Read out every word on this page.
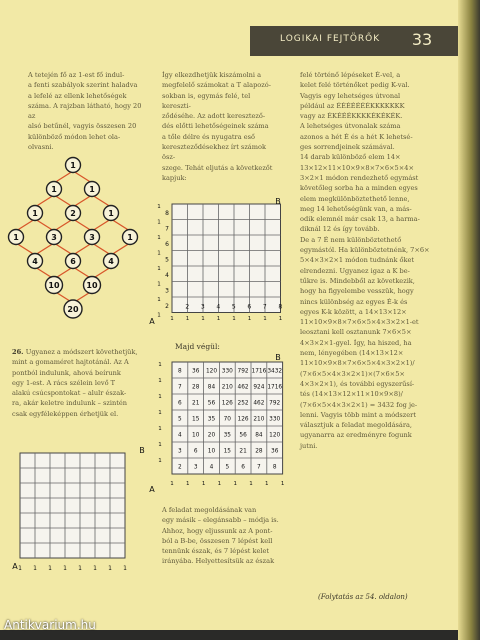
LOGIKAI FEJTÖRŐK	33

A tetején fő az 1-est fő indul-

a fenti szabályok szerint haladva

a lefelé az ellenk lehetőségek

száma. A rajzban látható, hogy 20 az

alsó betűnél, vagyis összesen 20

különböző módon lehet ola-

olvasni.

1
1	1
1	2	1
1	3	3	1
4	6	4
10	10
20

26. Ugyanez a módszert követhetjük,

mint a gomaméret hajtotánál. Az A

pontból indulunk, ahová beírunk

egy 1-est. A rács szélein levő T

alakú csúcspontokat – alulr észak-

ra, akár keletre indulunk – szintén

csak egyféleképpen érhetjük el.

B
A 1 1 1 1 1 1 1 1

Így elkezdhetjük kiszámolni a

megfelelő számokat a T alapozó-

sokban is, egymás felé, tel kereszti-

ződéséhe. Az adott keresztező-

dés előtti lehetőségeinek száma

a tőle délre és nyugatra eső

kereszteződésekhez írt számok ösz-

szege. Tehát eljutás a következőt

kapjuk:

B
A
8
7
6
5
4
3
2
1
1
1
1
1
1
1
1
2 3 4 5 6 7 8
1 1 1 1 1 1 1 1
Majd végül:
B
A
8 36 120 330 792 1716 3432
7 28 84 210 462 924 1716
6 21 56 126 252 462 792
5 15 35 70 126 210 330
4 10 20 35 56 84 120
3 6 10 15 21 28 36
2 3 4 5 6 7 8
1
1
1
1
1
1
1
1 1 1 1 1 1 1 1

A feladat megoldásának van

egy másik – elegánsabb – módja is.

Ahhoz, hogy eljussunk az A pont-

ból a B-be, összesen 7 lépést kell

tennünk észak, és 7 lépést kelet

irányába. Helyettesítsük az észak

felé történő lépéseket É-vel, a

kelet felé történőket pedig K-val.

Vagyis egy lehetséges útvonal

például az ÉÉÉÉÉÉÉKKKKKKK

vagy az ÉKÉÉÉKKKKÉKÉKÉK.

A lehetséges útvonalak száma

azonos a hét É és a hét K lehetsé-

ges sorrendjeinek számával.

14 darab különböző elem 14×

13×12×11×10×9×8×7×6×5×4×

3×2×1 módon rendezhető egymást

követőleg sorba ha a minden egyes

elem megkülönböztethető lenne,

meg 14 lehetőségünk van, a más-

odik elemnél már csak 13, a harma-

diknál 12 és így tovább.

De a 7 É nem különböztethető

egymástól. Ha különböztetnénk, 7×6×

5×4×3×2×1 módon tudnánk őket

elrendezni. Ugyanez igaz a K be-

tűkre is. Mindebből az következik,

hogy ha figyelembe vesszük, hogy

nincs különbség az egyes É-k és

egyes K-k között, a 14×13×12×

11×10×9×8×7×6×5×4×3×2×1-et

leosztani kell osztanunk 7×6×5×

4×3×2×1-gyel. Így, ha hiszed, ha

nem, lényegében (14×13×12×

11×10×9×8×7×6×5×4×3×2×1)/

(7×6×5×4×3×2×1)×(7×6×5×

4×3×2×1), és további egyszerűsí-

tés (14×13×12×11×10×9×8)/

(7×6×5×4×3×2×1) = 3432 fog je-

lenni. Vagyis több mint a módszert

választjuk a feladat megoldására,

ugyanarra az eredményre fogunk

jutni.

(Folytatás az 54. oldalon)
Antikvarium.hu
